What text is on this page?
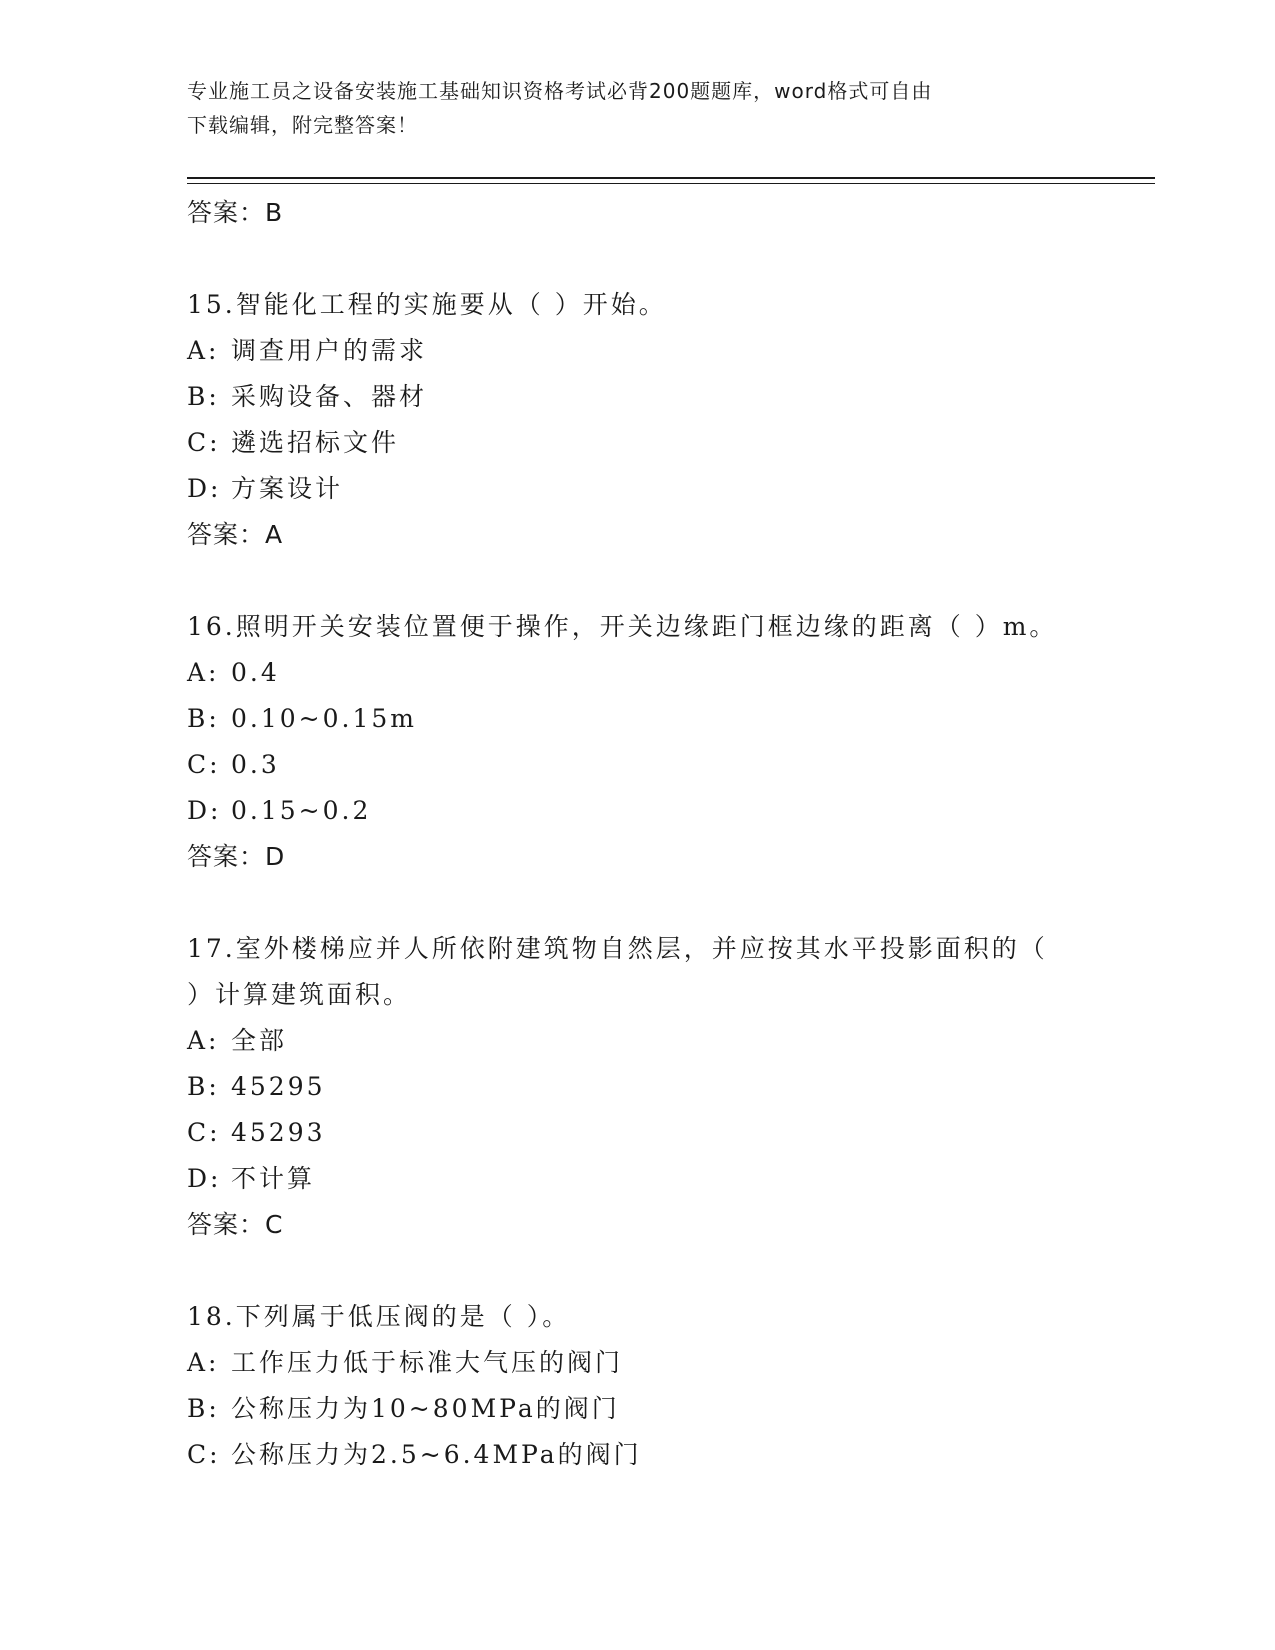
专业施工员之设备安装施工基础知识资格考试必背200题题库，word格式可自由
下载编辑，附完整答案！
答案：B
15.智能化工程的实施要从（ ）开始。
A: 调查用户的需求
B: 采购设备、器材
C: 遴选招标文件
D: 方案设计
答案：A
16.照明开关安装位置便于操作，开关边缘距门框边缘的距离（ ）m。
A: 0.4
B: 0.10~0.15m
C: 0.3
D: 0.15~0.2
答案：D
17.室外楼梯应并人所依附建筑物自然层，并应按其水平投影面积的（
）计算建筑面积。
A: 全部
B: 45295
C: 45293
D: 不计算
答案：C
18.下列属于低压阀的是（ ）。
A: 工作压力低于标准大气压的阀门
B: 公称压力为10~80MPa的阀门
C: 公称压力为2.5~6.4MPa的阀门
